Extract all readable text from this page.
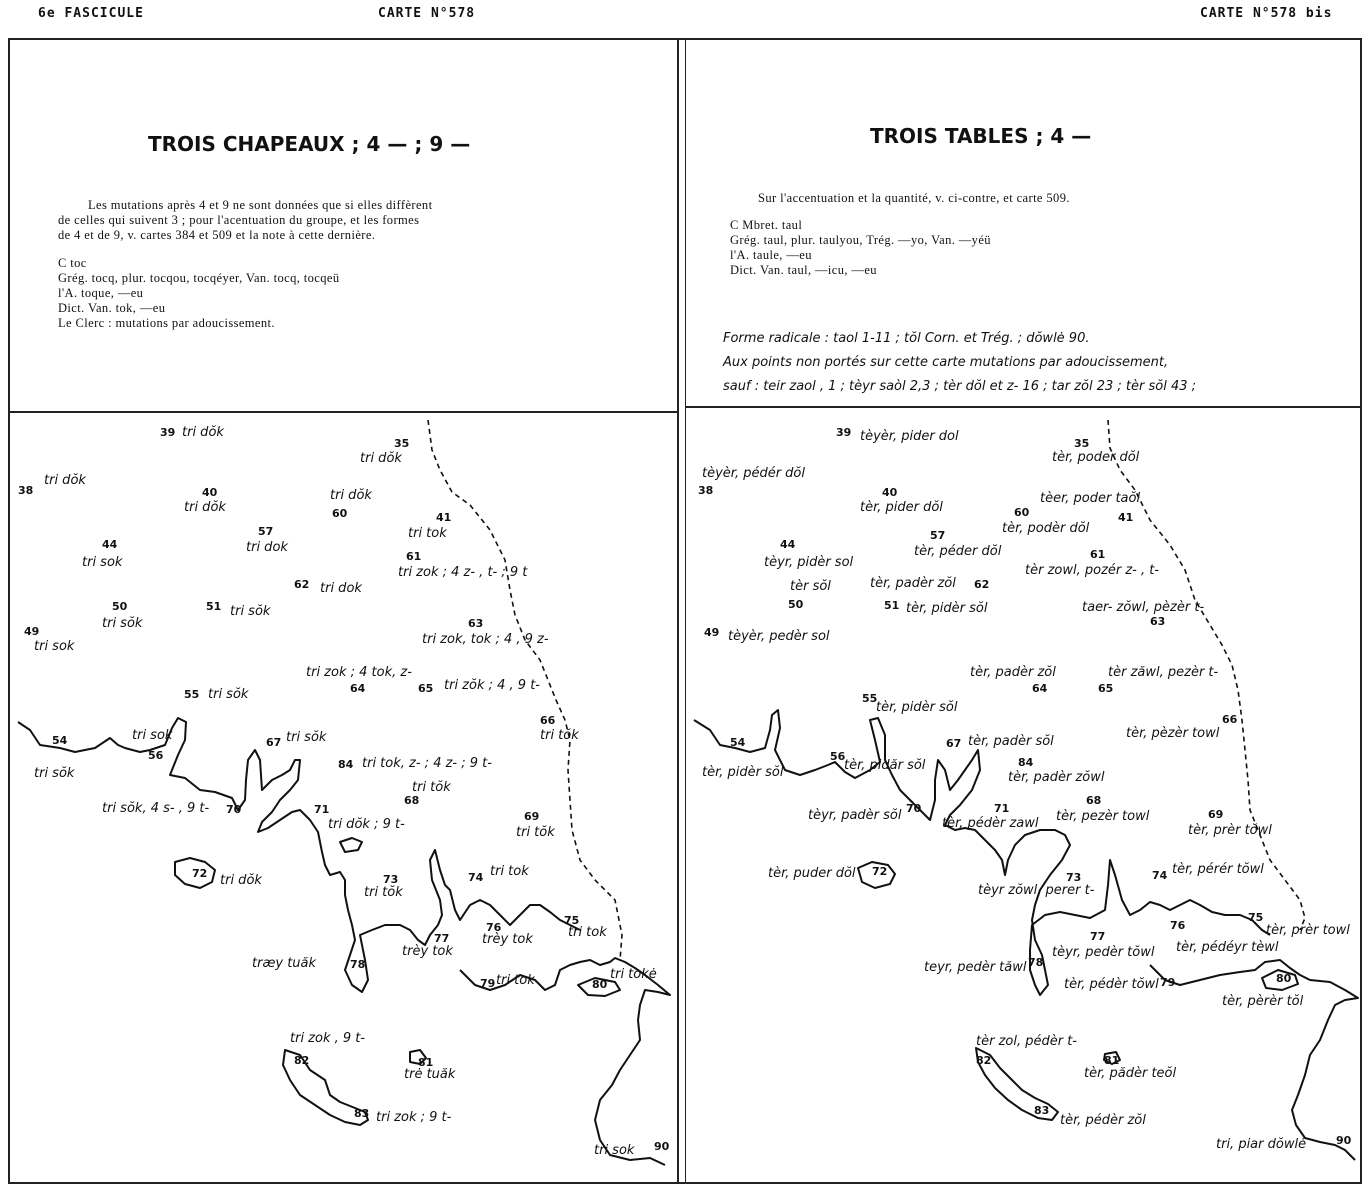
6e FASCICULE	CARTE N°578	CARTE N°578 bis
TROIS CHAPEAUX ; 4 — ; 9 —
Les mutations après 4 et 9 ne sont données que si elles diffèrent
de celles qui suivent 3 ; pour l'acentuation du groupe, et les formes
de 4 et de 9, v. cartes 384 et 509 et la note à cette dernière.
C toc
Grég. tocq, plur. tocqou, tocqéyer, Van. tocq, tocqeü
l'A. toque, —eu
Dict. Van. tok, —eu
Le Clerc : mutations par adoucissement.
TROIS TABLES ; 4 —
Sur l'accentuation et la quantité, v. ci-contre, et carte 509.
C Mbret. taul
Grég. taul, plur. taulyou, Trég. —yo, Van. —yéü
l'A. taule, —eu
Dict. Van. taul, —icu, —eu
Forme radicale : taol 1-11 ; tŏl Corn. et Trég. ; dŏwlė 90.
Aux points non portés sur cette carte mutations par adoucissement,
sauf : teir zaol , 1 ; tèyr saòl 2,3 ; tèr dŏl et z- 16 ; tar zŏl 23 ; tèr sŏl 43 ;
39 tri dŏk
35
tri dŏk
38
tri dŏk
40
tri dŏk	60
tri dŏk
41
tri tok
57
tri dok
44
tri sok	61
tri zok ; 4 z- , t- ; 9 t
62 tri dok
50
tri sŏk
51 tri sŏk
63
tri zok, tok ; 4 , 9 z-
49
tri sok
64
tri zok ; 4 tok, z-
65 tri zŏk ; 4 , 9 t-
55 tri sŏk
66
tri tŏk
54
tri sŏk
56
tri sok	67 tri sŏk
84 tri tok, z- ; 4 z- ; 9 t-
68
tri tŏk
70
tri sŏk, 4 s- , 9 t-	71
tri dŏk ; 9 t-
69
tri tŏk
72 tri dŏk	73
tri tŏk
74 tri tok
76
trèy tok
75
tri tok
77
trèy tok
78
træy tuăk
79 tri tok	80
tri tokė
82
tri zok , 9 t-
81
trė tuăk
83 tri zok ; 9 t-
90
tri sok
39 tèyèr, pider dol	35
tèr, poder dŏl
38
tèyèr, pédér dŏl
40
tèr, pider dŏl	60
tèr, podèr dŏl
41
tèer, poder taŏl
57
tèr, péder dŏl
44
tèyr, pidèr sol
61
tèr zowl, pozér z- , t-
62
tèr, padèr zŏl
50
tèr sŏl
51 tèr, pidèr sŏl
63
taer- zŏwl, pèzèr t-
49 tèyèr, pedèr sol
64
tèr, padèr zŏl
65
tèr zăwl, pezèr t-
55
tèr, pidèr sŏl
66
tèr, pèzèr towl
54
tèr, pidèr sŏl
56
tèr, pidăr sŏl
67 tèr, padèr sŏl
84
tèr, padèr zŏwl
70
tèyr, padèr sŏl	71
tèr, pédèr zawl
68
tèr, pezèr towl	69
tèr, prèr tŏwl
72
tèr, puder dŏl	73
tèyr zŏwl, perer t-
74 tèr, pérér tŏwl
76
tèr, pédéyr tèwl
75
tèr, prèr towl
77
tèyr, pedèr tŏwl
78
teyr, pedèr tăwl
79
tèr, pédèr tŏwl	80
tèr, pèrèr tŏl
82
tèr zol, pédèr t-
81
tèr, pădèr teŏl
83
tèr, pédèr zŏl
90
tri, piar dŏwlė
